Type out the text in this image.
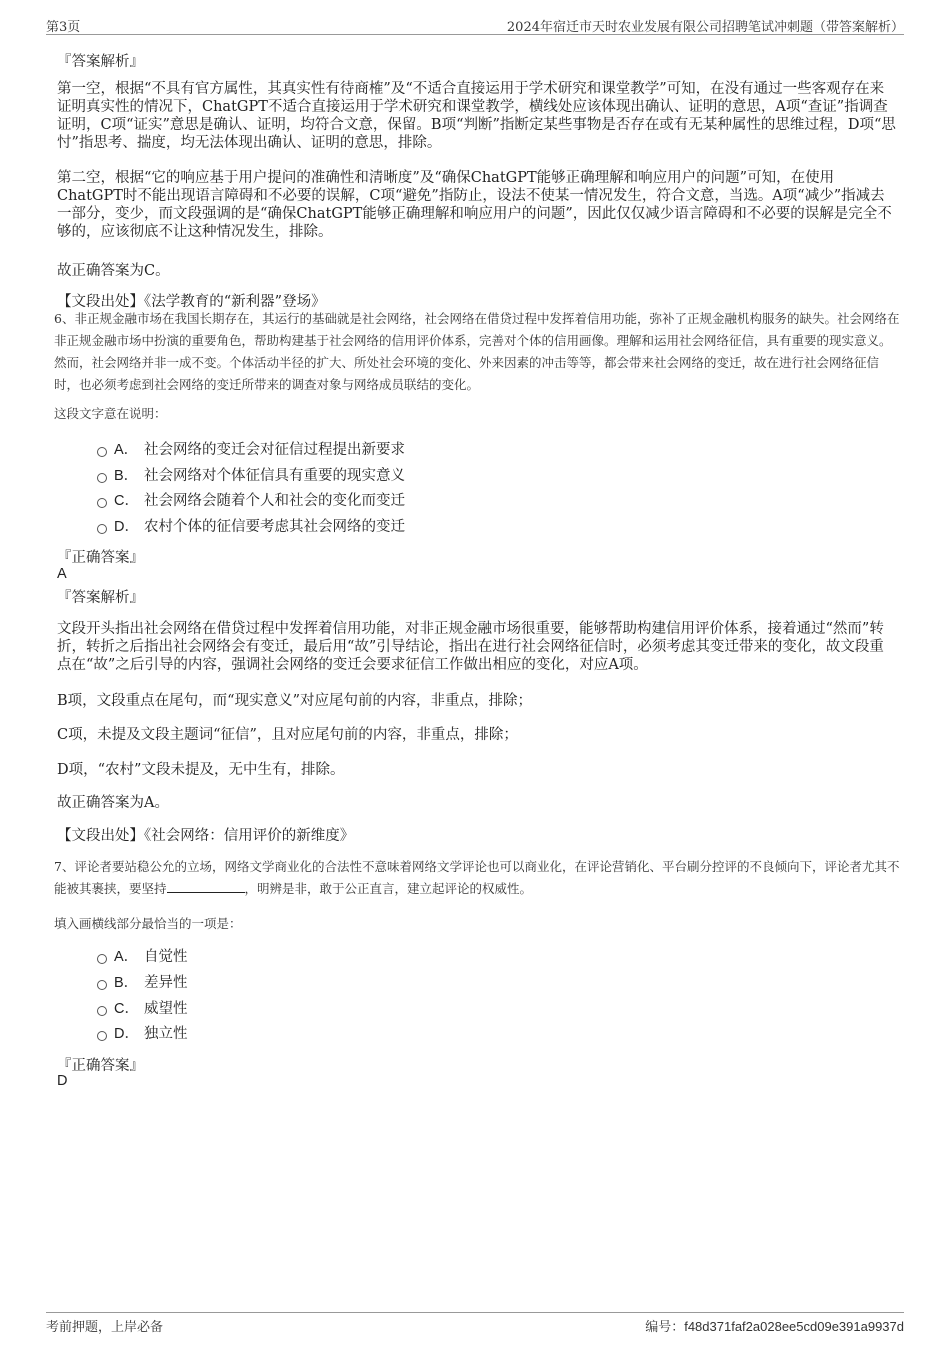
第3页	2024年宿迁市天时农业发展有限公司招聘笔试冲刺题（带答案解析）
『答案解析』
第一空，根据“不具有官方属性，其真实性有待商榷”及“不适合直接运用于学术研究和课堂教学”可知，在没有通过一些客观存在来证明真实性的情况下，ChatGPT不适合直接运用于学术研究和课堂教学，横线处应该体现出确认、证明的意思，A项“查证”指调查证明，C项“证实”意思是确认、证明，均符合文意，保留。B项“判断”指断定某些事物是否存在或有无某种属性的思维过程，D项“思忖”指思考、揣度，均无法体现出确认、证明的意思，排除。
第二空，根据“它的响应基于用户提问的准确性和清晰度”及“确保ChatGPT能够正确理解和响应用户的问题”可知，在使用ChatGPT时不能出现语言障碍和不必要的误解，C项“避免”指防止，设法不使某一情况发生，符合文意，当选。A项“减少”指减去一部分，变少，而文段强调的是“确保ChatGPT能够正确理解和响应用户的问题”，因此仅仅减少语言障碍和不必要的误解是完全不够的，应该彻底不让这种情况发生，排除。
故正确答案为C。
【文段出处】《法学教育的“新利器”登场》
6、非正规金融市场在我国长期存在，其运行的基础就是社会网络，社会网络在借贷过程中发挥着信用功能，弥补了正规金融机构服务的缺失。社会网络在非正规金融市场中扮演的重要角色，帮助构建基于社会网络的信用评价体系，完善对个体的信用画像。理解和运用社会网络征信，具有重要的现实意义。然而，社会网络并非一成不变。个体活动半径的扩大、所处社会环境的变化、外来因素的冲击等等，都会带来社会网络的变迁，故在进行社会网络征信时，也必须考虑到社会网络的变迁所带来的调查对象与网络成员联结的变化。
这段文字意在说明：
A． 社会网络的变迁会对征信过程提出新要求
B． 社会网络对个体征信具有重要的现实意义
C． 社会网络会随着个人和社会的变化而变迁
D． 农村个体的征信要考虑其社会网络的变迁
『正确答案』
A
『答案解析』
文段开头指出社会网络在借贷过程中发挥着信用功能，对非正规金融市场很重要，能够帮助构建信用评价体系，接着通过“然而”转折，转折之后指出社会网络会有变迁，最后用“故”引导结论，指出在进行社会网络征信时，必须考虑其变迁带来的变化，故文段重点在“故”之后引导的内容，强调社会网络的变迁会要求征信工作做出相应的变化，对应A项。
B项，文段重点在尾句，而“现实意义”对应尾句前的内容，非重点，排除；
C项，未提及文段主题词“征信”，且对应尾句前的内容，非重点，排除；
D项，“农村”文段未提及，无中生有，排除。
故正确答案为A。
【文段出处】《社会网络：信用评价的新维度》
7、评论者要站稳公允的立场，网络文学商业化的合法性不意味着网络文学评论也可以商业化，在评论营销化、平台刷分控评的不良倾向下，评论者尤其不能被其裹挟，要坚持	，明辨是非，敢于公正直言，建立起评论的权威性。
填入画横线部分最恰当的一项是：
A． 自觉性
B． 差异性
C． 威望性
D． 独立性
『正确答案』
D
考前押题，上岸必备	编号：f48d371faf2a028ee5cd09e391a9937d
